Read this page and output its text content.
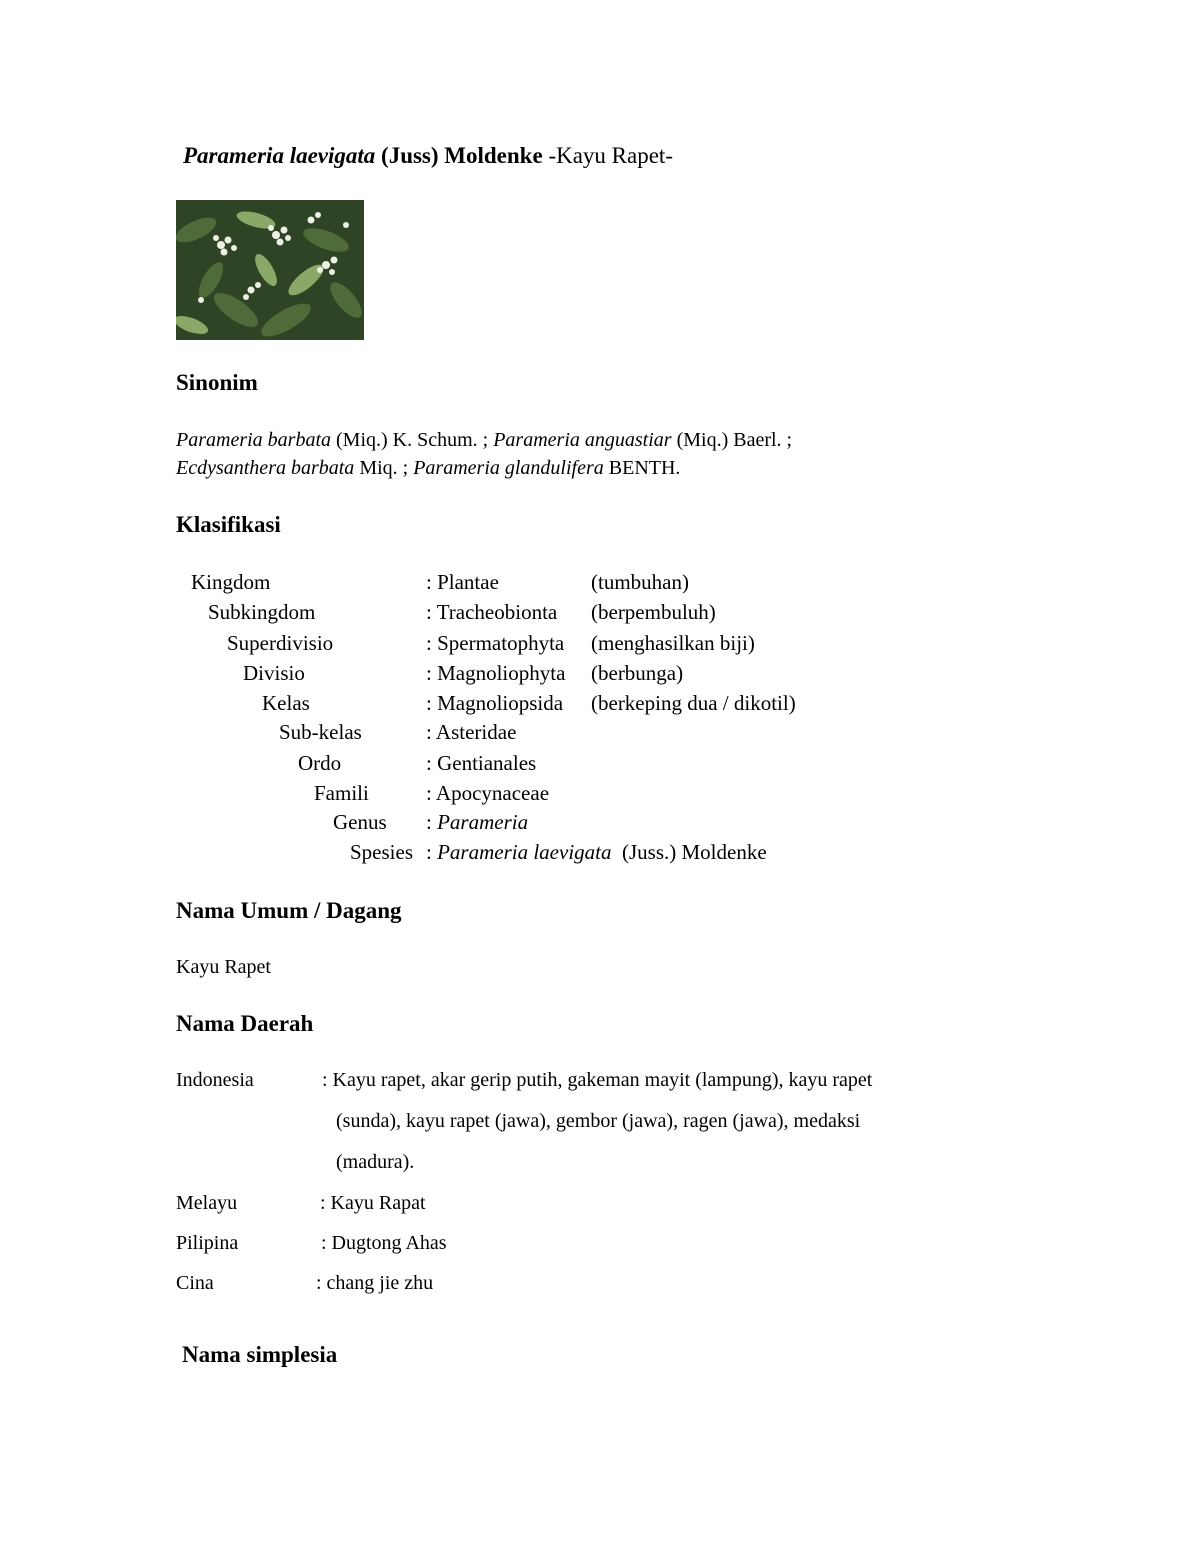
Parameria laevigata (Juss) Moldenke -Kayu Rapet-
Sinonim
Parameria barbata (Miq.) K. Schum. ; Parameria anguastiar (Miq.) Baerl. ;
Ecdysanthera barbata Miq. ; Parameria glandulifera BENTH.
Klasifikasi
Kingdom	: Plantae	(tumbuhan)
Subkingdom	: Tracheobionta (berpembuluh)
Superdivisio	: Spermatophyta (menghasilkan biji)
Divisio	: Magnoliophyta (berbunga)
Kelas	: Magnoliopsida (berkeping dua / dikotil)
Sub-kelas	: Asteridae
Ordo	: Gentianales
Famili	: Apocynaceae
Genus : Parameria
Spesies : Parameria laevigata  (Juss.) Moldenke
Nama Umum / Dagang
Kayu Rapet
Nama Daerah
Indonesia	: Kayu rapet, akar gerip putih, gakeman mayit (lampung), kayu rapet
(sunda), kayu rapet (jawa), gembor (jawa), ragen (jawa), medaksi
(madura).
Melayu	: Kayu Rapat
Pilipina	: Dugtong Ahas
Cina	: chang jie zhu
Nama simplesia
